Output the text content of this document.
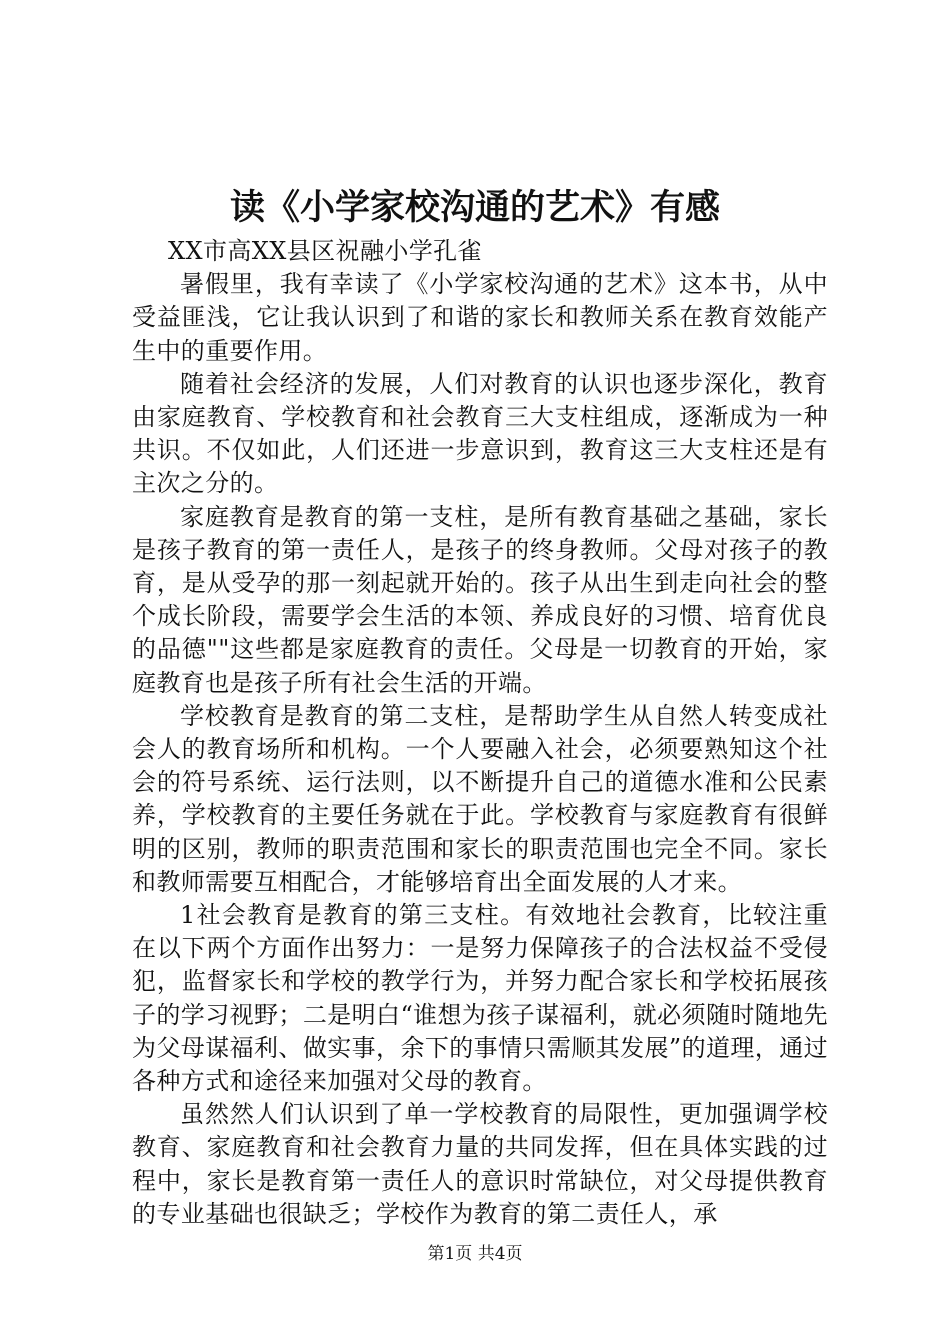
读《小学家校沟通的艺术》有感

XX市高XX县区祝融小学孔雀

暑假里，我有幸读了《小学家校沟通的艺术》这本书，从中受益匪浅，它让我认识到了和谐的家长和教师关系在教育效能产生中的重要作用。

随着社会经济的发展，人们对教育的认识也逐步深化，教育由家庭教育、学校教育和社会教育三大支柱组成，逐渐成为一种共识。不仅如此，人们还进一步意识到，教育这三大支柱还是有主次之分的。

家庭教育是教育的第一支柱，是所有教育基础之基础，家长是孩子教育的第一责任人，是孩子的终身教师。父母对孩子的教育，是从受孕的那一刻起就开始的。孩子从出生到走向社会的整个成长阶段，需要学会生活的本领、养成良好的习惯、培育优良的品德""这些都是家庭教育的责任。父母是一切教育的开始，家庭教育也是孩子所有社会生活的开端。

学校教育是教育的第二支柱，是帮助学生从自然人转变成社会人的教育场所和机构。一个人要融入社会，必须要熟知这个社会的符号系统、运行法则，以不断提升自己的道德水准和公民素养，学校教育的主要任务就在于此。学校教育与家庭教育有很鲜明的区别，教师的职责范围和家长的职责范围也完全不同。家长和教师需要互相配合，才能够培育出全面发展的人才来。

1社会教育是教育的第三支柱。有效地社会教育，比较注重在以下两个方面作出努力：一是努力保障孩子的合法权益不受侵犯，监督家长和学校的教学行为，并努力配合家长和学校拓展孩子的学习视野；二是明白“谁想为孩子谋福利，就必须随时随地先为父母谋福利、做实事，余下的事情只需顺其发展”的道理，通过各种方式和途径来加强对父母的教育。

虽然然人们认识到了单一学校教育的局限性，更加强调学校教育、家庭教育和社会教育力量的共同发挥，但在具体实践的过程中，家长是教育第一责任人的意识时常缺位，对父母提供教育的专业基础也很缺乏；学校作为教育的第二责任人，承

第1页 共4页
